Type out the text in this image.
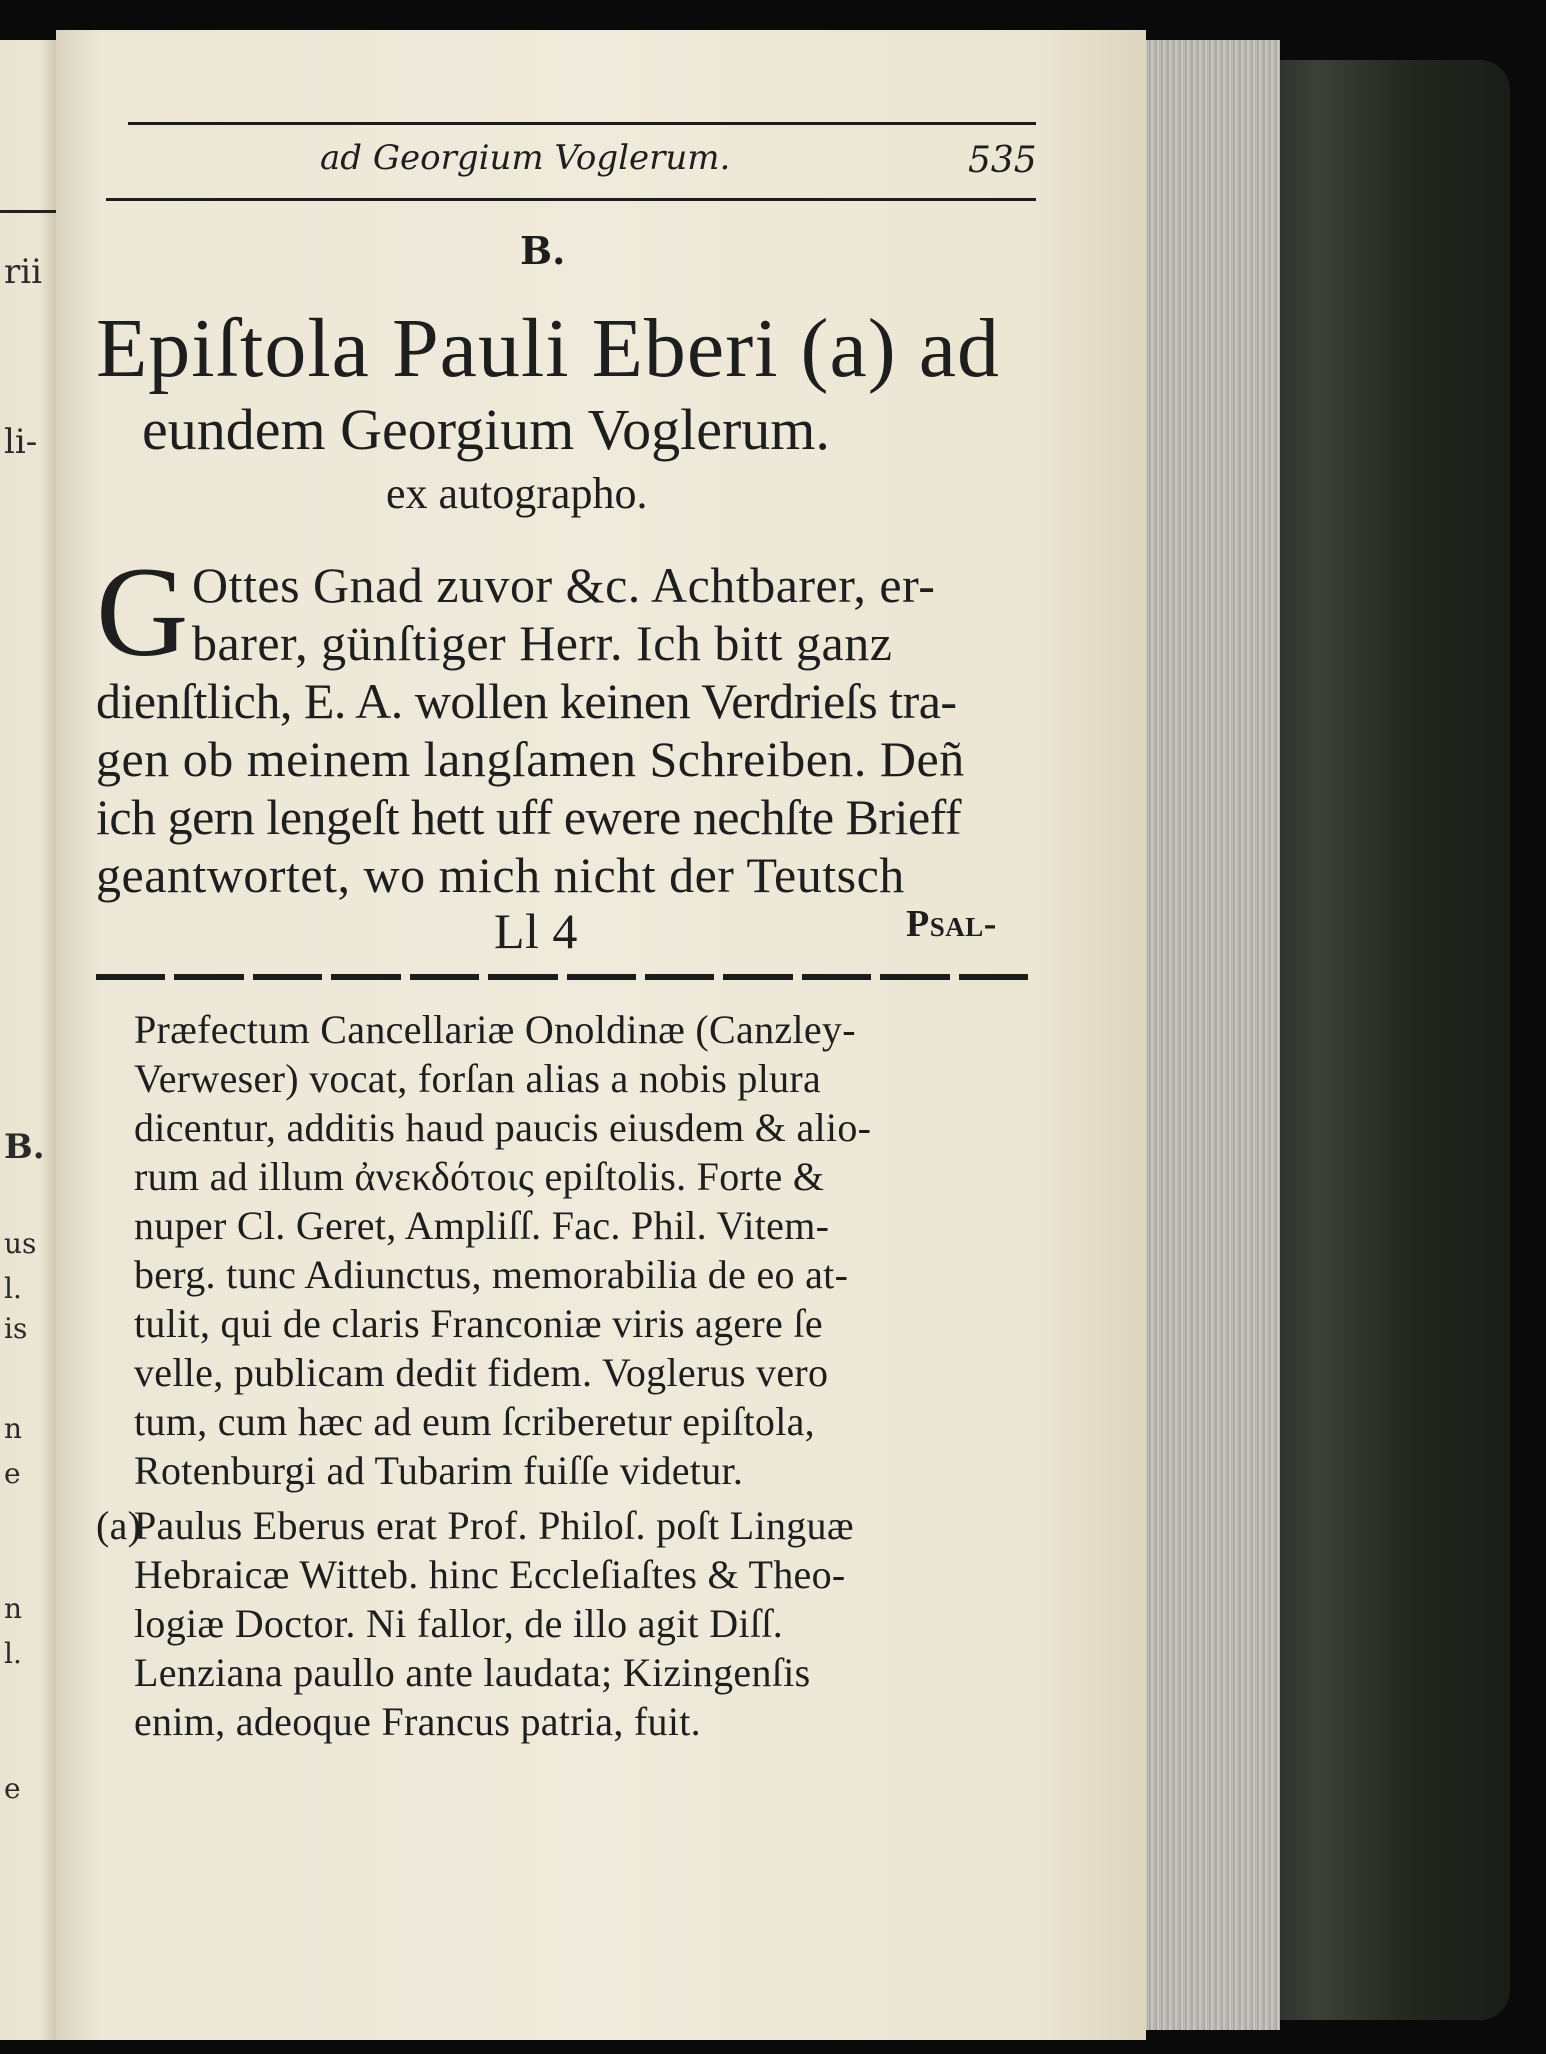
rii
li-
B.
us
l.
is
n
e
n
l.
e
ad Georgium Voglerum.	535
B.
Epiſtola Pauli Eberi (a) ad
eundem Georgium Voglerum.
ex autographo.
G Ottes Gnad zuvor &c. Achtbarer, er-
barer, günſtiger Herr. Ich bitt ganz
dienſtlich, E. A. wollen keinen Verdrieſs tra-
gen ob meinem langſamen Schreiben. Deñ
ich gern lengeſt hett uff ewere nechſte Brieff
geantwortet, wo mich nicht der Teutsch
Ll 4	Psal-
Præfectum Cancellariæ Onoldinæ (Canzley-
Verweser) vocat, forſan alias a nobis plura
dicentur, additis haud paucis eiusdem & alio-
rum ad illum ἀνεκδότοις epiſtolis. Forte &
nuper Cl. Geret, Ampliſſ. Fac. Phil. Vitem-
berg. tunc Adiunctus, memorabilia de eo at-
tulit, qui de claris Franconiæ viris agere ſe
velle, publicam dedit fidem. Voglerus vero
tum, cum hæc ad eum ſcriberetur epiſtola,
Rotenburgi ad Tubarim fuiſſe videtur.
(a)
Paulus Eberus erat Prof. Philoſ. poſt Linguæ
Hebraicæ Witteb. hinc Eccleſiaſtes & Theo-
logiæ Doctor. Ni fallor, de illo agit Diſſ.
Lenziana paullo ante laudata; Kizingenſis
enim, adeoque Francus patria, fuit.
